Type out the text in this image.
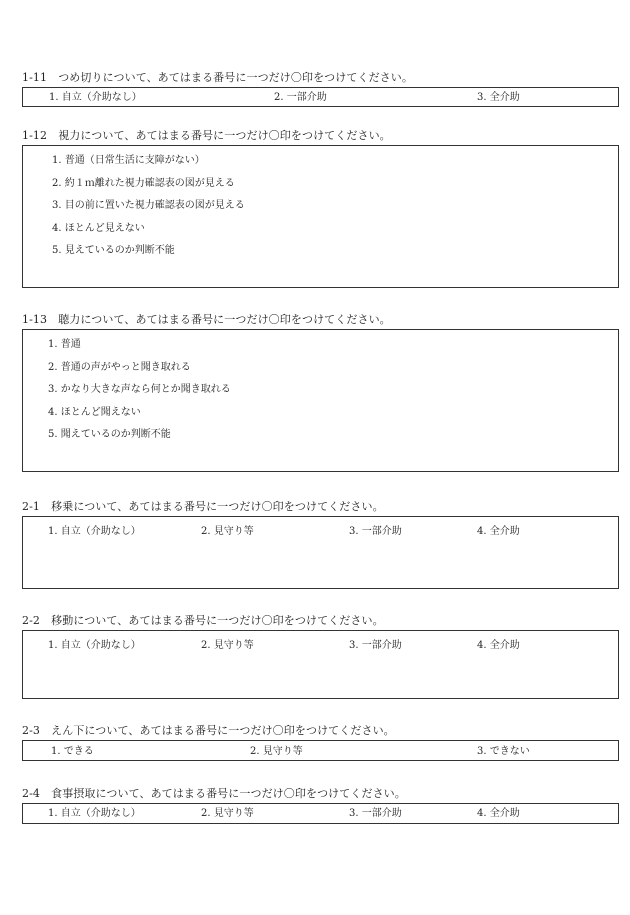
1-11　つめ切りについて、あてはまる番号に一つだけ〇印をつけてください。
1. 自立（介助なし）	2. 一部介助	3. 全介助
1-12　視力について、あてはまる番号に一つだけ〇印をつけてください。
1. 普通（日常生活に支障がない）
2. 約１ｍ離れた視力確認表の図が見える
3. 目の前に置いた視力確認表の図が見える
4. ほとんど見えない
5. 見えているのか判断不能
1-13　聴力について、あてはまる番号に一つだけ〇印をつけてください。
1. 普通
2. 普通の声がやっと聞き取れる
3. かなり大きな声なら何とか聞き取れる
4. ほとんど聞えない
5. 聞えているのか判断不能
2-1　移乗について、あてはまる番号に一つだけ〇印をつけてください。
1. 自立（介助なし）	2. 見守り等	3. 一部介助	4. 全介助
2-2　移動について、あてはまる番号に一つだけ〇印をつけてください。
1. 自立（介助なし）	2. 見守り等	3. 一部介助	4. 全介助
2-3　えん下について、あてはまる番号に一つだけ〇印をつけてください。
1. できる	2. 見守り等	3. できない
2-4　食事摂取について、あてはまる番号に一つだけ〇印をつけてください。
1. 自立（介助なし）	2. 見守り等	3. 一部介助	4. 全介助
